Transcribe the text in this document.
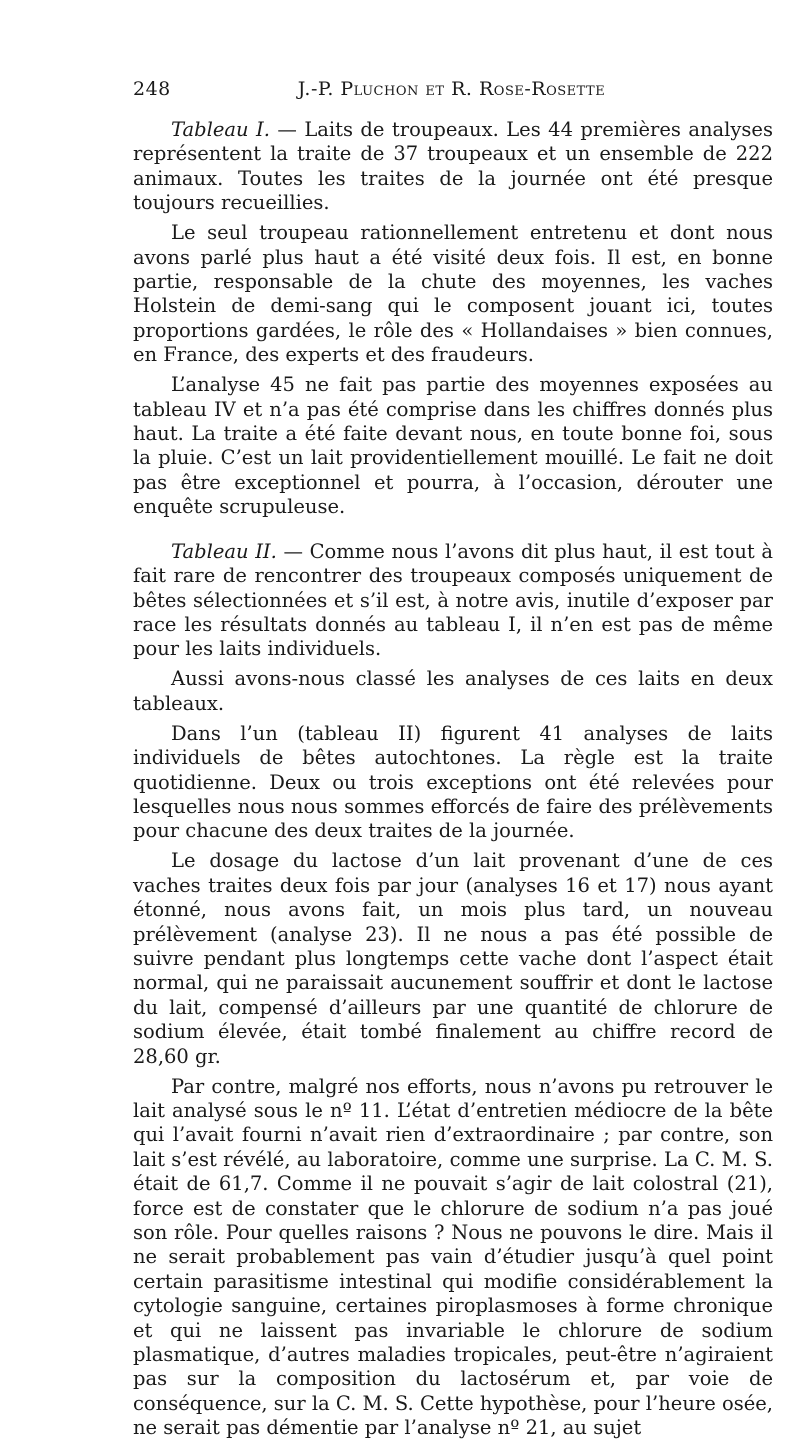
248	J.-P. Pluchon et R. Rose-Rosette

Tableau I. — Laits de troupeaux. Les 44 premières analyses représentent la traite de 37 troupeaux et un ensemble de 222 animaux. Toutes les traites de la journée ont été presque toujours recueillies.

Le seul troupeau rationnellement entretenu et dont nous avons parlé plus haut a été visité deux fois. Il est, en bonne partie, responsable de la chute des moyennes, les vaches Holstein de demi-sang qui le composent jouant ici, toutes proportions gardées, le rôle des « Hollandaises » bien connues, en France, des experts et des fraudeurs.

L’analyse 45 ne fait pas partie des moyennes exposées au tableau IV et n’a pas été comprise dans les chiffres donnés plus haut. La traite a été faite devant nous, en toute bonne foi, sous la pluie. C’est un lait providentiellement mouillé. Le fait ne doit pas être exceptionnel et pourra, à l’occasion, dérouter une enquête scrupuleuse.

Tableau II. — Comme nous l’avons dit plus haut, il est tout à fait rare de rencontrer des troupeaux composés uniquement de bêtes sélectionnées et s’il est, à notre avis, inutile d’exposer par race les résultats donnés au tableau I, il n’en est pas de même pour les laits individuels.

Aussi avons-nous classé les analyses de ces laits en deux tableaux.

Dans l’un (tableau II) figurent 41 analyses de laits individuels de bêtes autochtones. La règle est la traite quotidienne. Deux ou trois exceptions ont été relevées pour lesquelles nous nous sommes efforcés de faire des prélèvements pour chacune des deux traites de la journée.

Le dosage du lactose d’un lait provenant d’une de ces vaches traites deux fois par jour (analyses 16 et 17) nous ayant étonné, nous avons fait, un mois plus tard, un nouveau prélèvement (analyse 23). Il ne nous a pas été possible de suivre pendant plus longtemps cette vache dont l’aspect était normal, qui ne paraissait aucunement souffrir et dont le lactose du lait, compensé d’ailleurs par une quantité de chlorure de sodium élevée, était tombé finalement au chiffre record de 28,60 gr.

Par contre, malgré nos efforts, nous n’avons pu retrouver le lait analysé sous le nº 11. L’état d’entretien médiocre de la bête qui l’avait fourni n’avait rien d’extraordinaire ; par contre, son lait s’est révélé, au laboratoire, comme une surprise. La C. M. S. était de 61,7. Comme il ne pouvait s’agir de lait colostral (21), force est de constater que le chlorure de sodium n’a pas joué son rôle. Pour quelles raisons ? Nous ne pouvons le dire. Mais il ne serait probablement pas vain d’étudier jusqu’à quel point certain parasitisme intestinal qui modifie considérablement la cytologie sanguine, certaines piroplasmoses à forme chronique et qui ne laissent pas invariable le chlorure de sodium plasmatique, d’autres maladies tropicales, peut-être n’agiraient pas sur la composition du lactosérum et, par voie de conséquence, sur la C. M. S. Cette hypothèse, pour l’heure osée, ne serait pas démentie par l’analyse nº 21, au sujet
